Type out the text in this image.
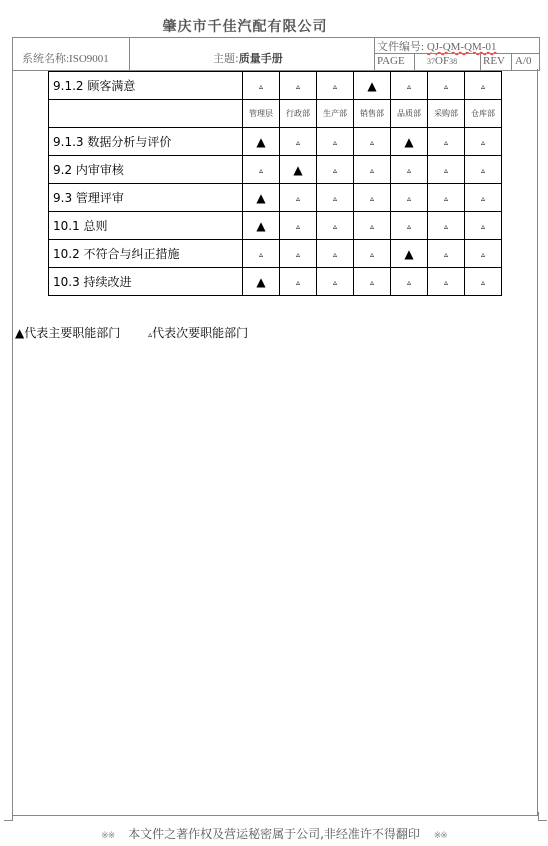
肇庆市千佳汽配有限公司
系统名称:ISO9001	主题:质量手册
文件编号: QJ-QM-QM-01
PAGE	37OF38 REV A/0
9.1.2 顾客满意	▵	▵	▵	▲	▵	▵	▵

	管理层	行政部	生产部	销售部	品质部	采购部	仓库部

9.1.3 数据分析与评价	▲	▵	▵	▵	▲	▵	▵
9.2 内审审核	▵	▲	▵	▵	▵	▵	▵
9.3 管理评审	▲	▵	▵	▵	▵	▵	▵
10.1 总则	▲	▵	▵	▵	▵	▵	▵
10.2 不符合与纠正措施	▵	▵	▵	▵	▲	▵	▵
10.3 持续改进	▲	▵	▵	▵	▵	▵	▵
▲代表主要职能部门	▵代表次要职能部门
※※ 本文件之著作权及营运秘密属于公司,非经准许不得翻印 ※※
